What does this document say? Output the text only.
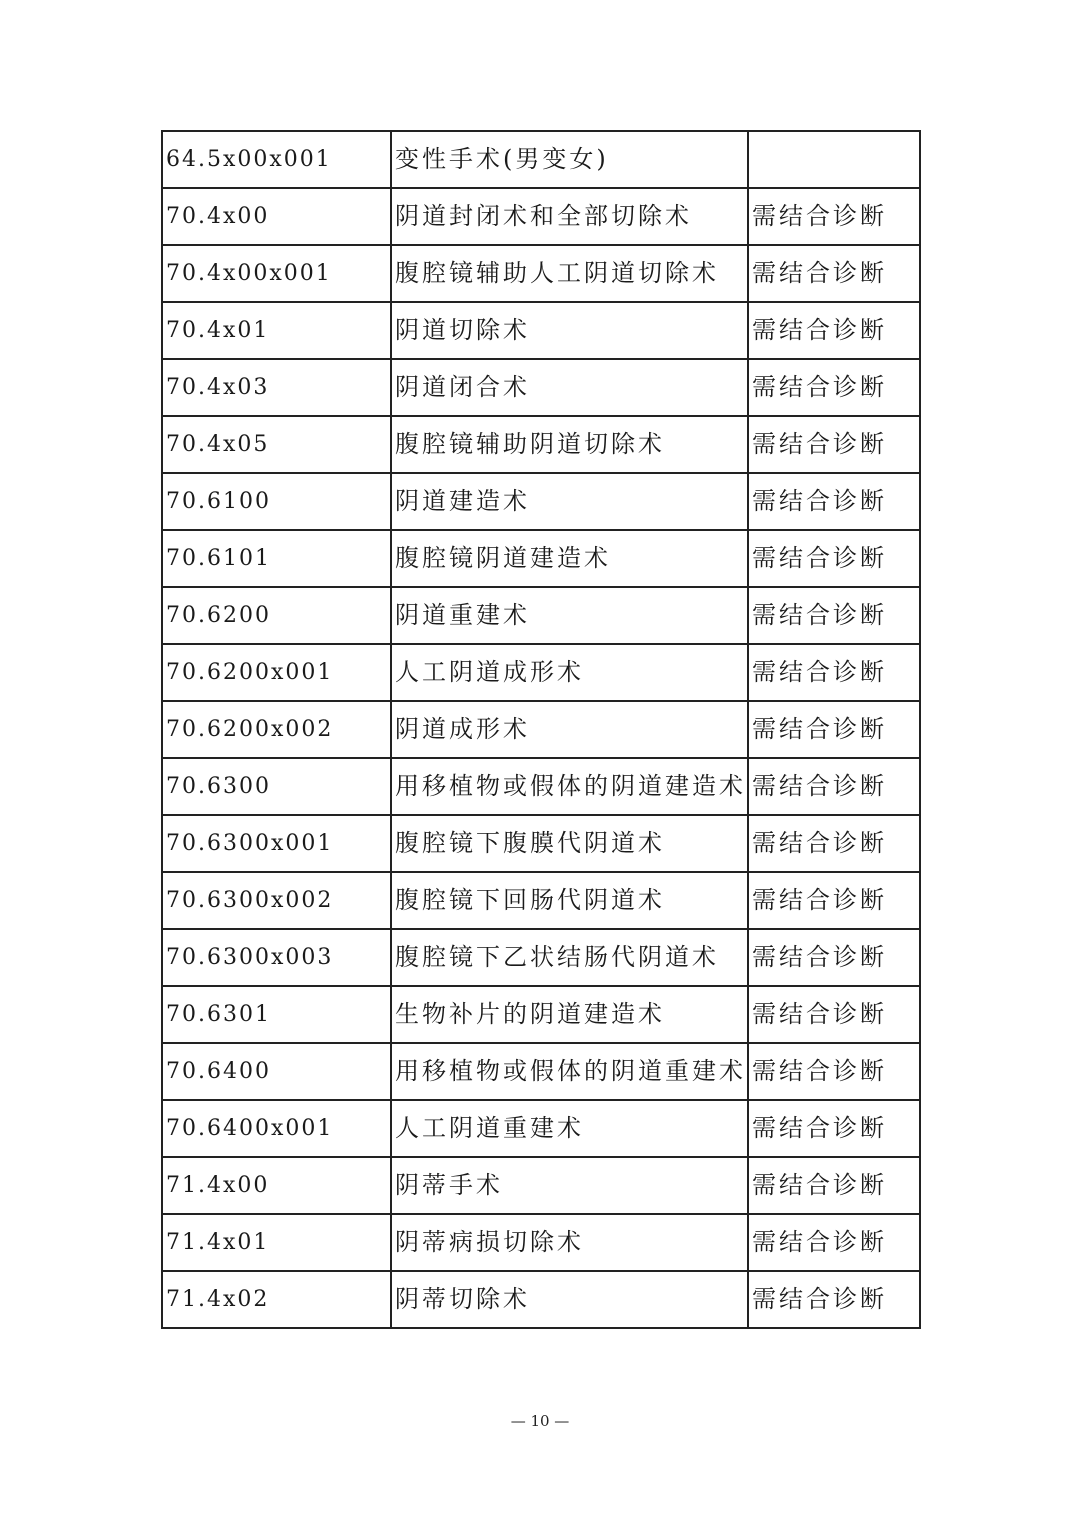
64.5x00x001	变性手术(男变女)	
70.4x00	阴道封闭术和全部切除术	需结合诊断
70.4x00x001	腹腔镜辅助人工阴道切除术	需结合诊断
70.4x01	阴道切除术	需结合诊断
70.4x03	阴道闭合术	需结合诊断
70.4x05	腹腔镜辅助阴道切除术	需结合诊断
70.6100	阴道建造术	需结合诊断
70.6101	腹腔镜阴道建造术	需结合诊断
70.6200	阴道重建术	需结合诊断
70.6200x001	人工阴道成形术	需结合诊断
70.6200x002	阴道成形术	需结合诊断
70.6300	用移植物或假体的阴道建造术	需结合诊断
70.6300x001	腹腔镜下腹膜代阴道术	需结合诊断
70.6300x002	腹腔镜下回肠代阴道术	需结合诊断
70.6300x003	腹腔镜下乙状结肠代阴道术	需结合诊断
70.6301	生物补片的阴道建造术	需结合诊断
70.6400	用移植物或假体的阴道重建术	需结合诊断
70.6400x001	人工阴道重建术	需结合诊断
71.4x00	阴蒂手术	需结合诊断
71.4x01	阴蒂病损切除术	需结合诊断
71.4x02	阴蒂切除术	需结合诊断
— 10 —
